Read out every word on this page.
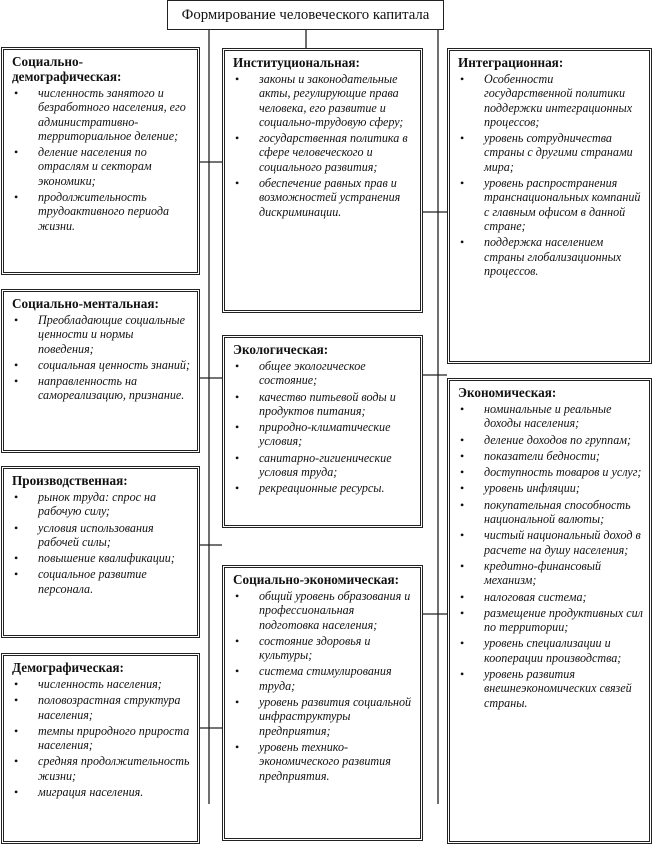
Формирование человеческого капитала
Социально-демографическая:
• численность занятого и безработного населения, его административно-территориальное деление;
• деление населения по отраслям и секторам экономики;
• продолжительность трудоактивного периода жизни.
Социально-ментальная:
• Преобладающие социальные ценности и нормы поведения;
• социальная ценность знаний;
• направленность на самореализацию, признание.
Производственная:
• рынок труда: спрос на рабочую силу;
• условия использования рабочей силы;
• повышение квалификации;
• социальное развитие персонала.
Демографическая:
• численность населения;
• половозрастная структура населения;
• темпы природного прироста населения;
• средняя продолжительность жизни;
• миграция населения.
Институциональная:
• законы и законодательные акты, регулирующие права человека, его развитие и социально-трудовую сферу;
• государственная политика в сфере человеческого и социального развития;
• обеспечение равных прав и возможностей устранения дискриминации.
Экологическая:
• общее экологическое состояние;
• качество питьевой воды и продуктов питания;
• природно-климатические условия;
• санитарно-гигиенические условия труда;
• рекреационные ресурсы.
Социально-экономическая:
• общий уровень образования и профессиональная подготовка населения;
• состояние здоровья и культуры;
• система стимулирования труда;
• уровень развития социальной инфраструктуры предприятия;
• уровень технико-экономического развития предприятия.
Интеграционная:
• Особенности государственной политики поддержки интеграционных процессов;
• уровень сотрудничества страны с другими странами мира;
• уровень распространения транснациональных компаний с главным офисом в данной стране;
• поддержка населением страны глобализационных процессов.
Экономическая:
• номинальные и реальные доходы населения;
• деление доходов по группам;
• показатели бедности;
• доступность товаров и услуг;
• уровень инфляции;
• покупательная способность национальной валюты;
• чистый национальный доход в расчете на душу населения;
• кредитно-финансовый механизм;
• налоговая система;
• размещение продуктивных сил по территории;
• уровень специализации и кооперации производства;
• уровень развития внешнеэкономических связей страны.
